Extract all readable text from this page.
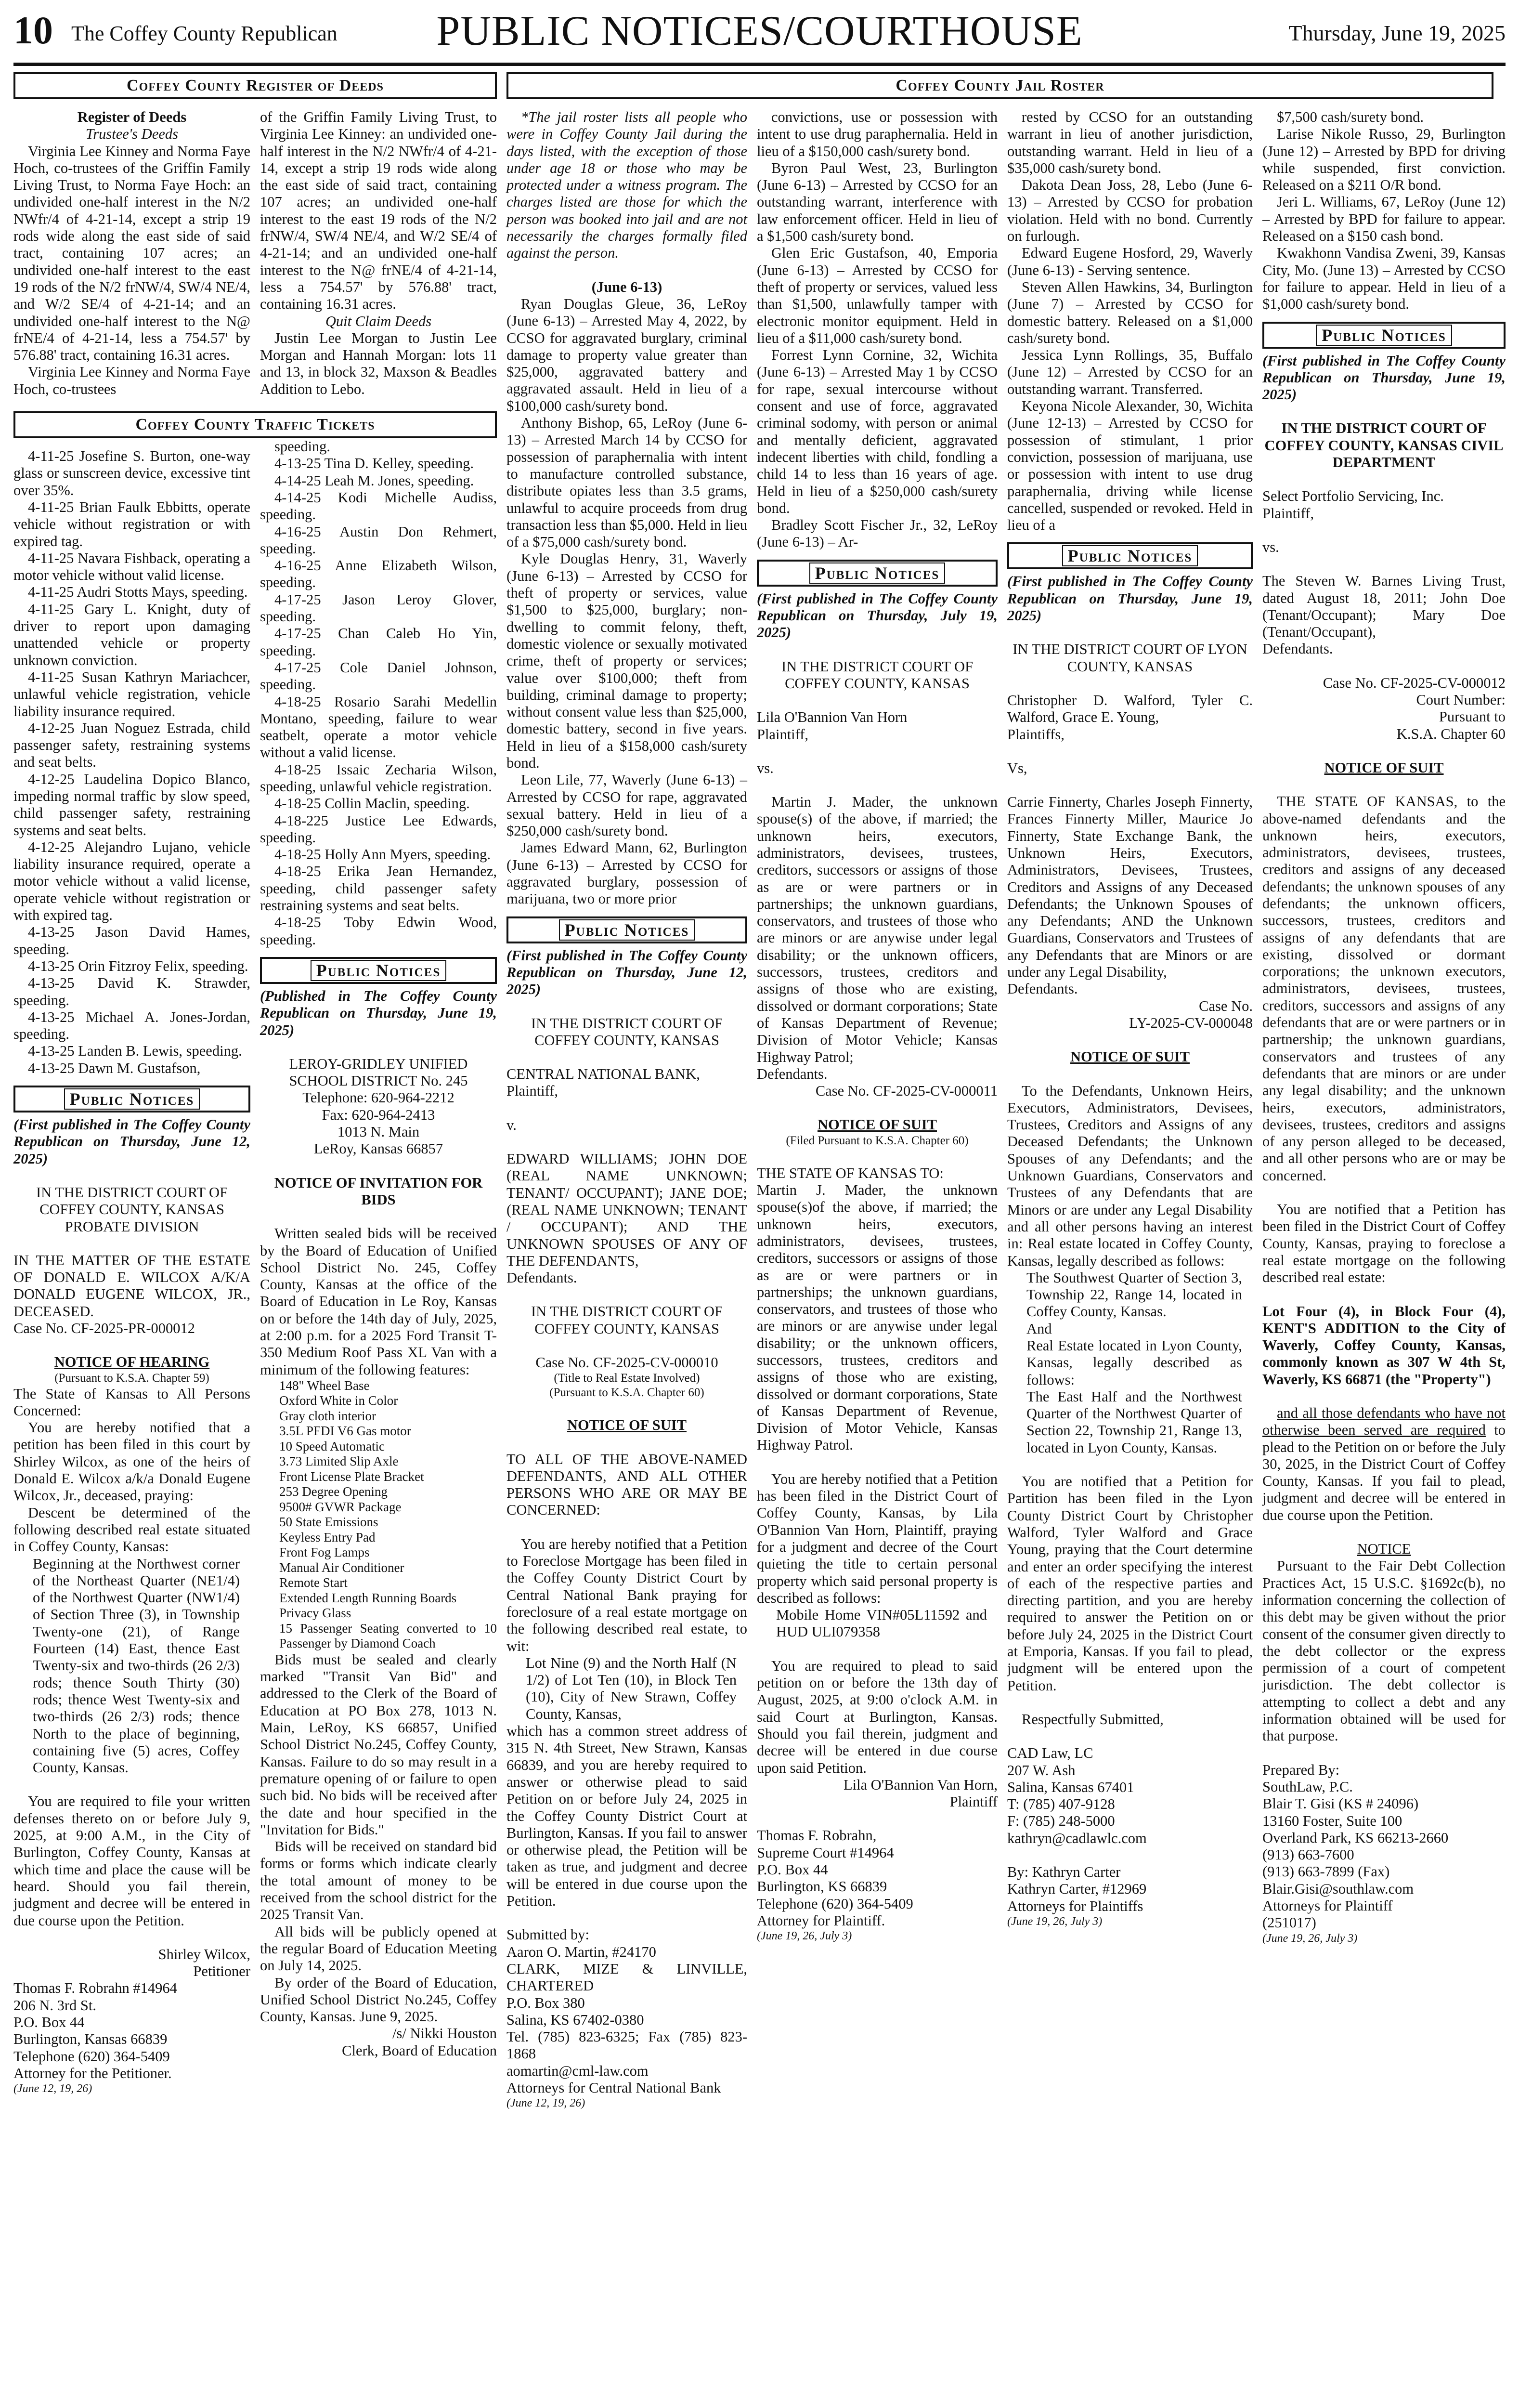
10 The Coffey County Republican	PUBLIC NOTICES/COURTHOUSE	Thursday, June 19, 2025
Coffey County Register of Deeds

Register of Deeds

Trustee's Deeds

Virginia Lee Kinney and Norma Faye Hoch, co-trustees of the Griffin Family Living Trust, to Norma Faye Hoch: an undivided one-half interest in the N/2 NWfr/4 of 4-21-14, except a strip 19 rods wide along the east side of said tract, containing 107 acres; an undivided one-half interest to the east 19 rods of the N/2 frNW/4, SW/4 NE/4, and W/2 SE/4 of 4-21-14; and an undivided one-half interest to the N@ frNE/4 of 4-21-14, less a 754.57' by 576.88' tract, containing 16.31 acres.

Virginia Lee Kinney and Norma Faye Hoch, co-trustees

Coffey County Traffic Tickets

4-11-25 Josefine S. Burton, one-way glass or sunscreen device, excessive tint over 35%.

4-11-25 Brian Faulk Ebbitts, operate vehicle without registration or with expired tag.

4-11-25 Navara Fishback, operating a motor vehicle without valid license.

4-11-25 Audri Stotts Mays, speeding.

4-11-25 Gary L. Knight, duty of driver to report upon damaging unattended vehicle or property unknown conviction.

4-11-25 Susan Kathryn Mariachcer, unlawful vehicle registration, vehicle liability insurance required.

4-12-25 Juan Noguez Estrada, child passenger safety, restraining systems and seat belts.

4-12-25 Laudelina Dopico Blanco, impeding normal traffic by slow speed, child passenger safety, restraining systems and seat belts.

4-12-25 Alejandro Lujano, vehicle liability insurance required, operate a motor vehicle without a valid license, operate vehicle without registration or with expired tag.

4-13-25 Jason David Hames, speeding.

4-13-25 Orin Fitzroy Felix, speeding.

4-13-25 David K. Strawder, speeding.

4-13-25 Michael A. Jones-Jordan, speeding.

4-13-25 Landen B. Lewis, speeding.

4-13-25 Dawn M. Gustafson,

Public Notices

(First published in The Coffey County Republican on Thursday, June 12, 2025)

IN THE DISTRICT COURT OF COFFEY COUNTY, KANSAS PROBATE DIVISION

IN THE MATTER OF THE ESTATE OF DONALD E. WILCOX A/K/A DONALD EUGENE WILCOX, JR., DECEASED.

Case No. CF-2025-PR-000012

NOTICE OF HEARING

(Pursuant to K.S.A. Chapter 59)

The State of Kansas to All Persons Concerned:

You are hereby notified that a petition has been filed in this court by Shirley Wilcox, as one of the heirs of Donald E. Wilcox a/k/a Donald Eugene Wilcox, Jr., deceased, praying:

Descent be determined of the following described real estate situated in Coffey County, Kansas:

Beginning at the Northwest corner of the Northeast Quarter (NE1/4) of the Northwest Quarter (NW1/4) of Section Three (3), in Township Twenty-one (21), of Range Fourteen (14) East, thence East Twenty-six and two-thirds (26 2/3) rods; thence South Thirty (30) rods; thence West Twenty-six and two-thirds (26 2/3) rods; thence North to the place of beginning, containing five (5) acres, Coffey County, Kansas.

You are required to file your written defenses thereto on or before July 9, 2025, at 9:00 A.M., in the City of Burlington, Coffey County, Kansas at which time and place the cause will be heard. Should you fail therein, judgment and decree will be entered in due course upon the Petition.

Shirley Wilcox,

Petitioner

Thomas F. Robrahn #14964

206 N. 3rd St.

P.O. Box 44

Burlington, Kansas 66839

Telephone (620) 364-5409

Attorney for the Petitioner.

(June 12, 19, 26)

of the Griffin Family Living Trust, to Virginia Lee Kinney: an undivided one-half interest in the N/2 NWfr/4 of 4-21-14, except a strip 19 rods wide along the east side of said tract, containing 107 acres; an undivided one-half interest to the east 19 rods of the N/2 frNW/4, SW/4 NE/4, and W/2 SE/4 of 4-21-14; and an undivided one-half interest to the N@ frNE/4 of 4-21-14, less a 754.57' by 576.88' tract, containing 16.31 acres.

Quit Claim Deeds

Justin Lee Morgan to Justin Lee Morgan and Hannah Morgan: lots 11 and 13, in block 32, Maxson & Beadles Addition to Lebo.

speeding.

4-13-25 Tina D. Kelley, speeding.

4-14-25 Leah M. Jones, speeding.

4-14-25 Kodi Michelle Audiss, speeding.

4-16-25 Austin Don Rehmert, speeding.

4-16-25 Anne Elizabeth Wilson, speeding.

4-17-25 Jason Leroy Glover, speeding.

4-17-25 Chan Caleb Ho Yin, speeding.

4-17-25 Cole Daniel Johnson, speeding.

4-18-25 Rosario Sarahi Medellin Montano, speeding, failure to wear seatbelt, operate a motor vehicle without a valid license.

4-18-25 Issaic Zecharia Wilson, speeding, unlawful vehicle registration.

4-18-25 Collin Maclin, speeding.

4-18-225 Justice Lee Edwards, speeding.

4-18-25 Holly Ann Myers, speeding.

4-18-25 Erika Jean Hernandez, speeding, child passenger safety restraining systems and seat belts.

4-18-25 Toby Edwin Wood, speeding.

Public Notices

(Published in The Coffey County Republican on Thursday, June 19, 2025)

LEROY-GRIDLEY UNIFIED SCHOOL DISTRICT No. 245

Telephone: 620-964-2212

Fax: 620-964-2413

1013 N. Main

LeRoy, Kansas 66857

NOTICE OF INVITATION FOR BIDS

Written sealed bids will be received by the Board of Education of Unified School District No. 245, Coffey County, Kansas at the office of the Board of Education in Le Roy, Kansas on or before the 14th day of July, 2025, at 2:00 p.m. for a 2025 Ford Transit T-350 Medium Roof Pass XL Van with a minimum of the following features:

148" Wheel Base
Oxford White in Color
Gray cloth interior
3.5L PFDI V6 Gas motor
10 Speed Automatic
3.73 Limited Slip Axle
Front License Plate Bracket
253 Degree Opening
9500# GVWR Package
50 State Emissions
Keyless Entry Pad
Front Fog Lamps
Manual Air Conditioner
Remote Start
Extended Length Running Boards
Privacy Glass
15 Passenger Seating converted to 10 Passenger by Diamond Coach

Bids must be sealed and clearly marked "Transit Van Bid" and addressed to the Clerk of the Board of Education at PO Box 278, 1013 N. Main, LeRoy, KS 66857, Unified School District No.245, Coffey County, Kansas. Failure to do so may result in a premature opening of or failure to open such bid. No bids will be received after the date and hour specified in the "Invitation for Bids."

Bids will be received on standard bid forms or forms which indicate clearly the total amount of money to be received from the school district for the 2025 Transit Van.

All bids will be publicly opened at the regular Board of Education Meeting on July 14, 2025.

By order of the Board of Education, Unified School District No.245, Coffey County, Kansas. June 9, 2025.

/s/ Nikki Houston

Clerk, Board of Education

Coffey County Jail Roster

*The jail roster lists all people who were in Coffey County Jail during the days listed, with the exception of those under age 18 or those who may be protected under a witness program. The charges listed are those for which the person was booked into jail and are not necessarily the charges formally filed against the person.

(June 6-13)

Ryan Douglas Gleue, 36, LeRoy (June 6-13) – Arrested May 4, 2022, by CCSO for aggravated burglary, criminal damage to property value greater than $25,000, aggravated battery and aggravated assault. Held in lieu of a $100,000 cash/surety bond.

Anthony Bishop, 65, LeRoy (June 6-13) – Arrested March 14 by CCSO for possession of paraphernalia with intent to manufacture controlled substance, distribute opiates less than 3.5 grams, unlawful to acquire proceeds from drug transaction less than $5,000. Held in lieu of a $75,000 cash/surety bond.

Kyle Douglas Henry, 31, Waverly (June 6-13) – Arrested by CCSO for theft of property or services, value $1,500 to $25,000, burglary; non-dwelling to commit felony, theft, domestic violence or sexually motivated crime, theft of property or services; value over $100,000; theft from building, criminal damage to property; without consent value less than $25,000, domestic battery, second in five years. Held in lieu of a $158,000 cash/surety bond.

Leon Lile, 77, Waverly (June 6-13) – Arrested by CCSO for rape, aggravated sexual battery. Held in lieu of a $250,000 cash/surety bond.

James Edward Mann, 62, Burlington (June 6-13) – Arrested by CCSO for aggravated burglary, possession of marijuana, two or more prior

Public Notices

(First published in The Coffey County Republican on Thursday, June 12, 2025)

IN THE DISTRICT COURT OF COFFEY COUNTY, KANSAS

CENTRAL NATIONAL BANK,

Plaintiff,

v.

EDWARD WILLIAMS; JOHN DOE (REAL NAME UNKNOWN; TENANT/ OCCUPANT); JANE DOE; (REAL NAME UNKNOWN; TENANT / OCCUPANT); AND THE UNKNOWN SPOUSES OF ANY OF THE DEFENDANTS,

Defendants.

IN THE DISTRICT COURT OF COFFEY COUNTY, KANSAS

Case No. CF-2025-CV-000010

(Title to Real Estate Involved)

(Pursuant to K.S.A. Chapter 60)

NOTICE OF SUIT

TO ALL OF THE ABOVE-NAMED DEFENDANTS, AND ALL OTHER PERSONS WHO ARE OR MAY BE CONCERNED:

You are hereby notified that a Petition to Foreclose Mortgage has been filed in the Coffey County District Court by Central National Bank praying for foreclosure of a real estate mortgage on the following described real estate, to wit:

Lot Nine (9) and the North Half (N 1/2) of Lot Ten (10), in Block Ten (10), City of New Strawn, Coffey County, Kansas,

which has a common street address of 315 N. 4th Street, New Strawn, Kansas 66839, and you are hereby required to answer or otherwise plead to said Petition on or before July 24, 2025 in the Coffey County District Court at Burlington, Kansas. If you fail to answer or otherwise plead, the Petition will be taken as true, and judgment and decree will be entered in due course upon the Petition.

Submitted by:

Aaron O. Martin, #24170

CLARK, MIZE & LINVILLE, CHARTERED

P.O. Box 380

Salina, KS 67402-0380

Tel. (785) 823-6325; Fax (785) 823-1868

aomartin@cml-law.com

Attorneys for Central National Bank

(June 12, 19, 26)

convictions, use or possession with intent to use drug paraphernalia. Held in lieu of a $150,000 cash/surety bond.

Byron Paul West, 23, Burlington (June 6-13) – Arrested by CCSO for an outstanding warrant, interference with law enforcement officer. Held in lieu of a $1,500 cash/surety bond.

Glen Eric Gustafson, 40, Emporia (June 6-13) – Arrested by CCSO for theft of property or services, valued less than $1,500, unlawfully tamper with electronic monitor equipment. Held in lieu of a $11,000 cash/surety bond.

Forrest Lynn Cornine, 32, Wichita (June 6-13) – Arrested May 1 by CCSO for rape, sexual intercourse without consent and use of force, aggravated criminal sodomy, with person or animal and mentally deficient, aggravated indecent liberties with child, fondling a child 14 to less than 16 years of age. Held in lieu of a $250,000 cash/surety bond.

Bradley Scott Fischer Jr., 32, LeRoy (June 6-13) – Ar-

Public Notices

(First published in The Coffey County Republican on Thursday, July 19, 2025)

IN THE DISTRICT COURT OF COFFEY COUNTY, KANSAS

Lila O'Bannion Van Horn

Plaintiff,

vs.

Martin J. Mader, the unknown spouse(s) of the above, if married; the unknown heirs, executors, administrators, devisees, trustees, creditors, successors or assigns of those as are or were partners or in partnerships; the unknown guardians, conservators, and trustees of those who are minors or are anywise under legal disability; or the unknown officers, successors, trustees, creditors and assigns of those who are existing, dissolved or dormant corporations; State of Kansas Department of Revenue; Division of Motor Vehicle; Kansas Highway Patrol;

Defendants.

Case No. CF-2025-CV-000011

NOTICE OF SUIT

(Filed Pursuant to K.S.A. Chapter 60)

THE STATE OF KANSAS TO:

Martin J. Mader, the unknown spouse(s)of the above, if married; the unknown heirs, executors, administrators, devisees, trustees, creditors, successors or assigns of those as are or were partners or in partnerships; the unknown guardians, conservators, and trustees of those who are minors or are anywise under legal disability; or the unknown officers, successors, trustees, creditors and assigns of those who are existing, dissolved or dormant corporations, State of Kansas Department of Revenue, Division of Motor Vehicle, Kansas Highway Patrol.

You are hereby notified that a Petition has been filed in the District Court of Coffey County, Kansas, by Lila O'Bannion Van Horn, Plaintiff, praying for a judgment and decree of the Court quieting the title to certain personal property which said personal property is described as follows:

Mobile Home VIN#05L11592 and HUD ULI079358

You are required to plead to said petition on or before the 13th day of August, 2025, at 9:00 o'clock A.M. in said Court at Burlington, Kansas. Should you fail therein, judgment and decree will be entered in due course upon said Petition.

Lila O'Bannion Van Horn,

Plaintiff

Thomas F. Robrahn,

Supreme Court #14964

P.O. Box 44

Burlington, KS 66839

Telephone (620) 364-5409

Attorney for Plaintiff.

(June 19, 26, July 3)

rested by CCSO for an outstanding warrant in lieu of another jurisdiction, outstanding warrant. Held in lieu of a $35,000 cash/surety bond.

Dakota Dean Joss, 28, Lebo (June 6-13) – Arrested by CCSO for probation violation. Held with no bond. Currently on furlough.

Edward Eugene Hosford, 29, Waverly (June 6-13) - Serving sentence.

Steven Allen Hawkins, 34, Burlington (June 7) – Arrested by CCSO for domestic battery. Released on a $1,000 cash/surety bond.

Jessica Lynn Rollings, 35, Buffalo (June 12) – Arrested by CCSO for an outstanding warrant. Transferred.

Keyona Nicole Alexander, 30, Wichita (June 12-13) – Arrested by CCSO for possession of stimulant, 1 prior conviction, possession of marijuana, use or possession with intent to use drug paraphernalia, driving while license cancelled, suspended or revoked. Held in lieu of a

Public Notices

(First published in The Coffey County Republican on Thursday, June 19, 2025)

IN THE DISTRICT COURT OF LYON COUNTY, KANSAS

Christopher D. Walford, Tyler C. Walford, Grace E. Young,

Plaintiffs,

Vs,

Carrie Finnerty, Charles Joseph Finnerty, Frances Finnerty Miller, Maurice Jo Finnerty, State Exchange Bank, the Unknown Heirs, Executors, Administrators, Devisees, Trustees, Creditors and Assigns of any Deceased Defendants; the Unknown Spouses of any Defendants; AND the Unknown Guardians, Conservators and Trustees of any Defendants that are Minors or are under any Legal Disability,

Defendants.

Case No.

LY-2025-CV-000048

NOTICE OF SUIT

To the Defendants, Unknown Heirs, Executors, Administrators, Devisees, Trustees, Creditors and Assigns of any Deceased Defendants; the Unknown Spouses of any Defendants; and the Unknown Guardians, Conservators and Trustees of any Defendants that are Minors or are under any Legal Disability and all other persons having an interest in: Real estate located in Coffey County, Kansas, legally described as follows:

The Southwest Quarter of Section 3, Township 22, Range 14, located in Coffey County, Kansas.

And

Real Estate located in Lyon County, Kansas, legally described as follows:

The East Half and the Northwest Quarter of the Northwest Quarter of Section 22, Township 21, Range 13, located in Lyon County, Kansas.

You are notified that a Petition for Partition has been filed in the Lyon County District Court by Christopher Walford, Tyler Walford and Grace Young, praying that the Court determine and enter an order specifying the interest of each of the respective parties and directing partition, and you are hereby required to answer the Petition on or before July 24, 2025 in the District Court at Emporia, Kansas. If you fail to plead, judgment will be entered upon the Petition.

Respectfully Submitted,

CAD Law, LC

207 W. Ash

Salina, Kansas 67401

T: (785) 407-9128

F: (785) 248-5000

kathryn@cadlawlc.com

By: Kathryn Carter

Kathryn Carter, #12969

Attorneys for Plaintiffs

(June 19, 26, July 3)

$7,500 cash/surety bond.

Larise Nikole Russo, 29, Burlington (June 12) – Arrested by BPD for driving while suspended, first conviction. Released on a $211 O/R bond.

Jeri L. Williams, 67, LeRoy (June 12) – Arrested by BPD for failure to appear. Released on a $150 cash bond.

Kwakhonn Vandisa Zweni, 39, Kansas City, Mo. (June 13) – Arrested by CCSO for failure to appear. Held in lieu of a $1,000 cash/surety bond.

Public Notices

(First published in The Coffey County Republican on Thursday, June 19, 2025)

IN THE DISTRICT COURT OF COFFEY COUNTY, KANSAS CIVIL DEPARTMENT

Select Portfolio Servicing, Inc.

Plaintiff,

vs.

The Steven W. Barnes Living Trust, dated August 18, 2011; John Doe (Tenant/Occupant); Mary Doe (Tenant/Occupant),

Defendants.

Case No. CF-2025-CV-000012

Court Number:

Pursuant to

K.S.A. Chapter 60

NOTICE OF SUIT

THE STATE OF KANSAS, to the above-named defendants and the unknown heirs, executors, administrators, devisees, trustees, creditors and assigns of any deceased defendants; the unknown spouses of any defendants; the unknown officers, successors, trustees, creditors and assigns of any defendants that are existing, dissolved or dormant corporations; the unknown executors, administrators, devisees, trustees, creditors, successors and assigns of any defendants that are or were partners or in partnership; the unknown guardians, conservators and trustees of any defendants that are minors or are under any legal disability; and the unknown heirs, executors, administrators, devisees, trustees, creditors and assigns of any person alleged to be deceased, and all other persons who are or may be concerned.

You are notified that a Petition has been filed in the District Court of Coffey County, Kansas, praying to foreclose a real estate mortgage on the following described real estate:

Lot Four (4), in Block Four (4), KENT'S ADDITION to the City of Waverly, Coffey County, Kansas, commonly known as 307 W 4th St, Waverly, KS 66871 (the "Property")

and all those defendants who have not otherwise been served are required to plead to the Petition on or before the July 30, 2025, in the District Court of Coffey County, Kansas. If you fail to plead, judgment and decree will be entered in due course upon the Petition.

NOTICE

Pursuant to the Fair Debt Collection Practices Act, 15 U.S.C. §1692c(b), no information concerning the collection of this debt may be given without the prior consent of the consumer given directly to the debt collector or the express permission of a court of competent jurisdiction. The debt collector is attempting to collect a debt and any information obtained will be used for that purpose.

Prepared By:

SouthLaw, P.C.

Blair T. Gisi (KS # 24096)

13160 Foster, Suite 100

Overland Park, KS 66213-2660

(913) 663-7600

(913) 663-7899 (Fax)

Blair.Gisi@southlaw.com

Attorneys for Plaintiff

(251017)

(June 19, 26, July 3)
